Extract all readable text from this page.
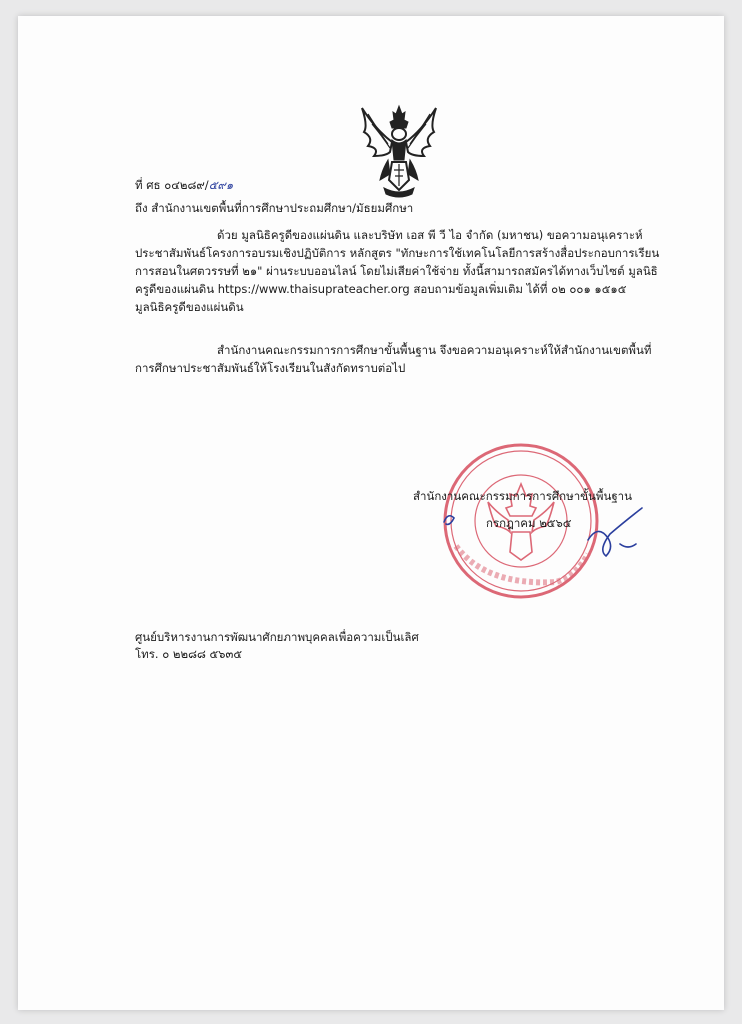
ที่ ศธ ๐๔๒๘๙/๕๙๑
ถึง สำนักงานเขตพื้นที่การศึกษาประถมศึกษา/มัธยมศึกษา
ด้วย มูลนิธิครูดีของแผ่นดิน และบริษัท เอส พี วี ไอ จำกัด (มหาชน) ขอความอนุเคราะห์
ประชาสัมพันธ์โครงการอบรมเชิงปฏิบัติการ หลักสูตร "ทักษะการใช้เทคโนโลยีการสร้างสื่อประกอบการเรียน
การสอนในศตวรรษที่ ๒๑" ผ่านระบบออนไลน์ โดยไม่เสียค่าใช้จ่าย ทั้งนี้สามารถสมัครได้ทางเว็บไซต์ มูลนิธิ
ครูดีของแผ่นดิน https://www.thaisuprateacher.org สอบถามข้อมูลเพิ่มเติม ได้ที่ ๐๒ ๐๐๑ ๑๕๑๕
มูลนิธิครูดีของแผ่นดิน
สำนักงานคณะกรรมการการศึกษาขั้นพื้นฐาน จึงขอความอนุเคราะห์ให้สำนักงานเขตพื้นที่
การศึกษาประชาสัมพันธ์ให้โรงเรียนในสังกัดทราบต่อไป
สำนักงานคณะกรรมการการศึกษาขั้นพื้นฐาน
กรกฎาคม ๒๕๖๕
ศูนย์บริหารงานการพัฒนาศักยภาพบุคคลเพื่อความเป็นเลิศ
โทร. ๐ ๒๒๘๘ ๕๖๓๕
